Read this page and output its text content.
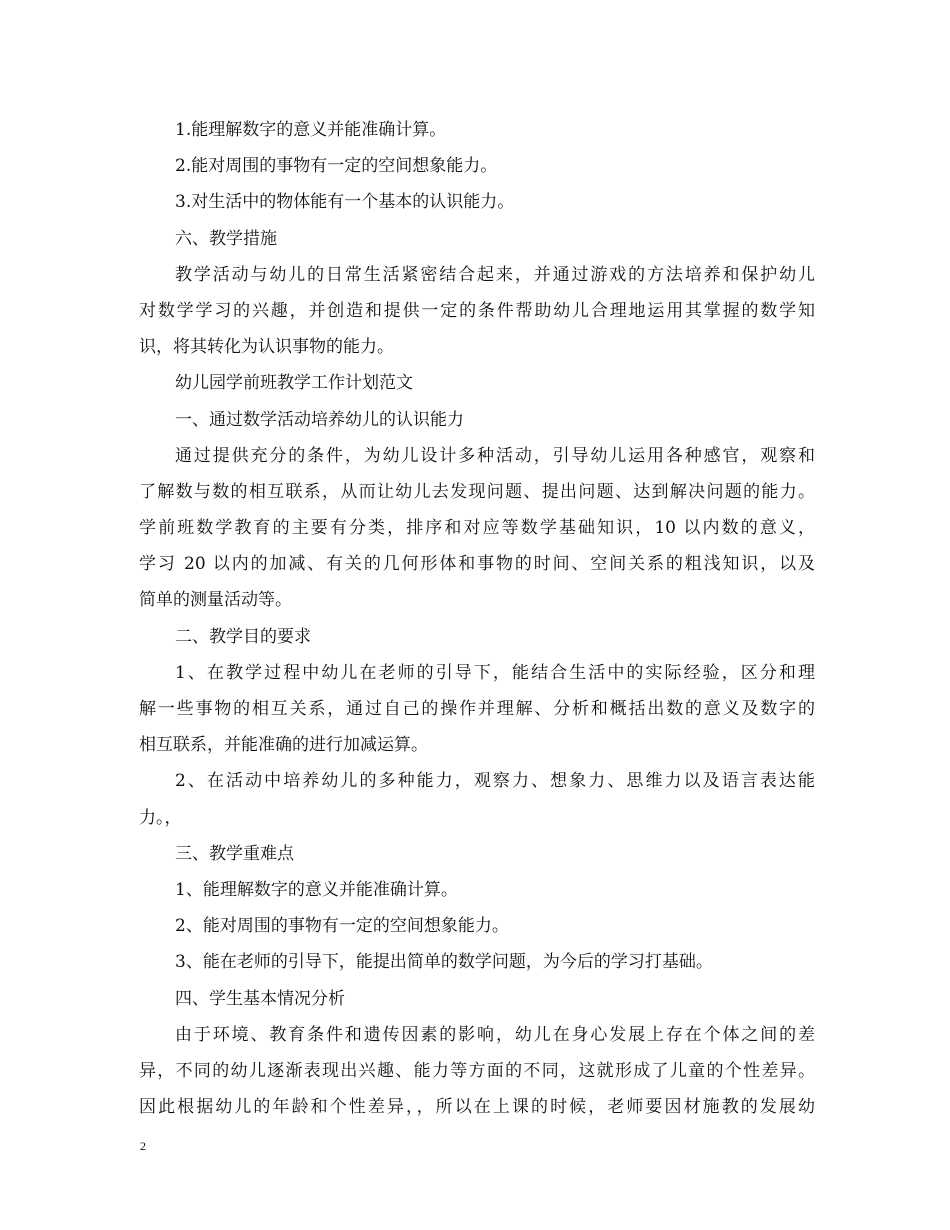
1.能理解数字的意义并能准确计算。
2.能对周围的事物有一定的空间想象能力。
3.对生活中的物体能有一个基本的认识能力。
六、教学措施
教学活动与幼儿的日常生活紧密结合起来，并通过游戏的方法培养和保护幼儿
对数学学习的兴趣，并创造和提供一定的条件帮助幼儿合理地运用其掌握的数学知
识，将其转化为认识事物的能力。
幼儿园学前班教学工作计划范文
一、通过数学活动培养幼儿的认识能力
通过提供充分的条件，为幼儿设计多种活动，引导幼儿运用各种感官，观察和
了解数与数的相互联系，从而让幼儿去发现问题、提出问题、达到解决问题的能力。
学前班数学教育的主要有分类，排序和对应等数学基础知识，10 以内数的意义，
学习 20 以内的加减、有关的几何形体和事物的时间、空间关系的粗浅知识，以及
简单的测量活动等。
二、教学目的要求
1、在教学过程中幼儿在老师的引导下，能结合生活中的实际经验，区分和理
解一些事物的相互关系，通过自己的操作并理解、分析和概括出数的意义及数字的
相互联系，并能准确的进行加减运算。
2、在活动中培养幼儿的多种能力，观察力、想象力、思维力以及语言表达能
力。，
三、教学重难点
1、能理解数字的意义并能准确计算。
2、能对周围的事物有一定的空间想象能力。
3、能在老师的引导下，能提出简单的数学问题，为今后的学习打基础。
四、学生基本情况分析
由于环境、教育条件和遗传因素的影响，幼儿在身心发展上存在个体之间的差
异，不同的幼儿逐渐表现出兴趣、能力等方面的不同，这就形成了儿童的个性差异。
因此根据幼儿的年龄和个性差异，，所以在上课的时候，老师要因材施教的发展幼
2
